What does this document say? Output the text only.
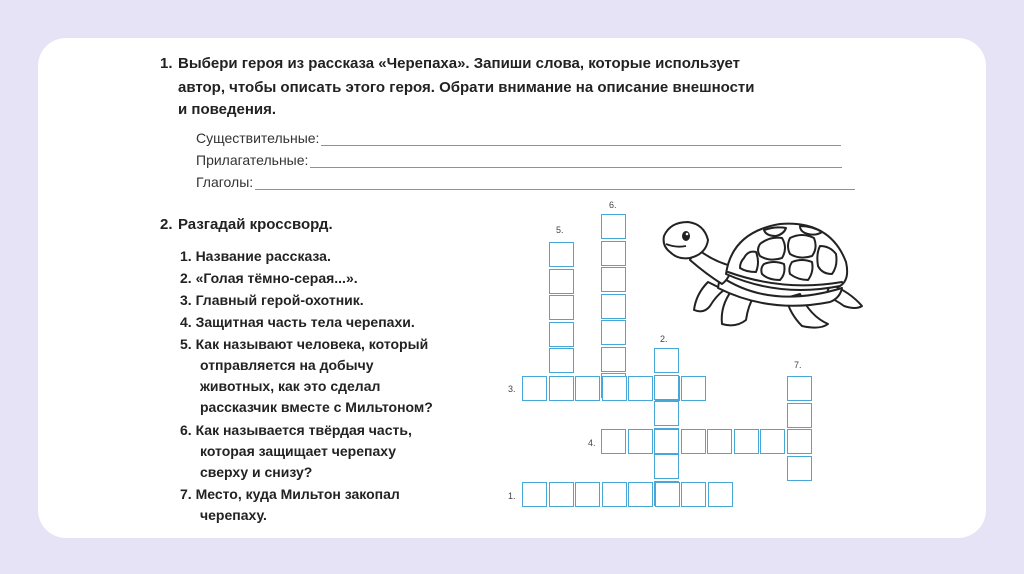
1. Выбери героя из рассказа «Черепаха». Запиши слова, которые использует
автор, чтобы описать этого героя. Обрати внимание на описание внешности
и поведения.
Существительные:
Прилагательные:
Глаголы:
2. Разгадай кроссворд.
1. Название рассказа.
2. «Голая тёмно-серая...».
3. Главный герой-охотник.
4. Защитная часть тела черепахи.
5. Как называют человека, который
отправляется на добычу
животных, как это сделал
рассказчик вместе с Мильтоном?
6. Как называется твёрдая часть,
которая защищает черепаху
сверху и снизу?
7. Место, куда Мильтон закопал
черепаху.
1.
2.
3.
4.
5.
6.
7.
